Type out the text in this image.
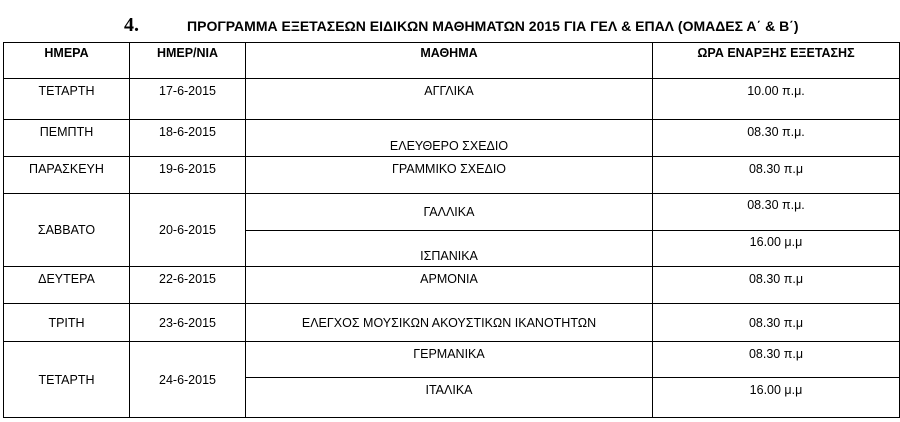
4.	ΠΡΟΓΡΑΜΜΑ ΕΞΕΤΑΣΕΩΝ ΕΙΔΙΚΩΝ ΜΑΘΗΜΑΤΩΝ 2015 ΓΙΑ ΓΕΛ & ΕΠΑΛ (ΟΜΑΔΕΣ Α΄ & Β΄)
ΗΜΕΡΑ	ΗΜΕΡ/ΝΙΑ	ΜΑΘΗΜΑ	ΩΡΑ ΕΝΑΡΞΗΣ ΕΞΕΤΑΣΗΣ
ΤΕΤΑΡΤΗ	17-6-2015	ΑΓΓΛΙΚΑ	10.00 π.μ.
ΠΕΜΠΤΗ	18-6-2015	ΕΛΕΥΘΕΡΟ ΣΧΕΔΙΟ	08.30 π.μ.
ΠΑΡΑΣΚΕΥΗ	19-6-2015	ΓΡΑΜΜΙΚΟ ΣΧΕΔΙΟ	08.30 π.μ
ΣΑΒΒΑΤΟ	20-6-2015	ΓΑΛΛΙΚΑ	08.30 π.μ.
		ΙΣΠΑΝΙΚΑ	16.00 μ.μ
ΔΕΥΤΕΡΑ	22-6-2015	ΑΡΜΟΝΙΑ	08.30 π.μ
ΤΡΙΤΗ	23-6-2015	ΕΛΕΓΧΟΣ ΜΟΥΣΙΚΩΝ ΑΚΟΥΣΤΙΚΩΝ ΙΚΑΝΟΤΗΤΩΝ	08.30 π.μ
ΤΕΤΑΡΤΗ	24-6-2015	ΓΕΡΜΑΝΙΚΑ	08.30 π.μ
		ΙΤΑΛΙΚΑ	16.00 μ.μ
